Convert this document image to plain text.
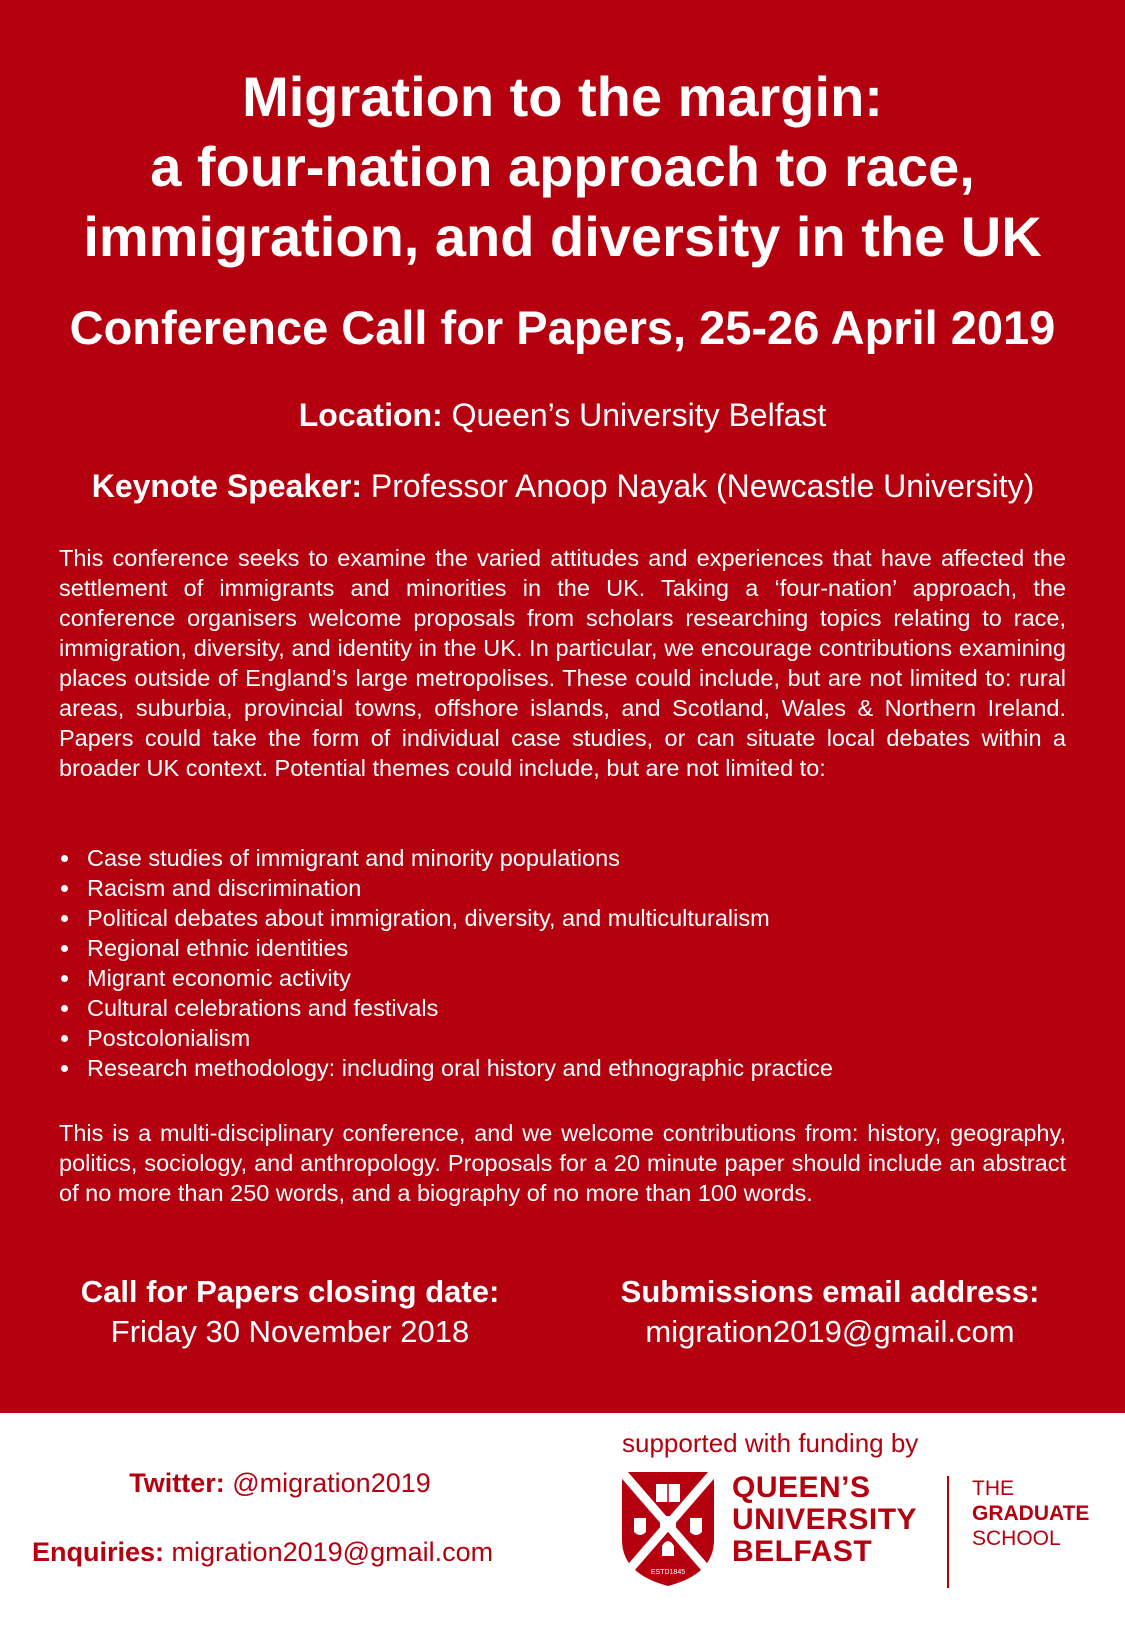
Migration to the margin:
a four-nation approach to race,
immigration, and diversity in the UK
Conference Call for Papers, 25-26 April 2019
Location: Queen’s University Belfast
Keynote Speaker: Professor Anoop Nayak (Newcastle University)

This conference seeks to examine the varied attitudes and experiences that have affected the settlement of immigrants and minorities in the UK. Taking a ‘four-nation’ approach, the conference organisers welcome proposals from scholars researching topics relating to race, immigration, diversity, and identity in the UK. In particular, we encourage contributions examining places outside of England’s large metropolises. These could include, but are not limited to: rural areas, suburbia, provincial towns, offshore islands, and Scotland, Wales & Northern Ireland. Papers could take the form of individual case studies, or can situate local debates within a broader UK context. Potential themes could include, but are not limited to:

Case studies of immigrant and minority populations
Racism and discrimination
Political debates about immigration, diversity, and multiculturalism
Regional ethnic identities
Migrant economic activity
Cultural celebrations and festivals
Postcolonialism
Research methodology: including oral history and ethnographic practice

This is a multi-disciplinary conference, and we welcome contributions from: history, geography, politics, sociology, and anthropology. Proposals for a 20 minute paper should include an abstract of no more than 250 words, and a biography of no more than 100 words.

Call for Papers closing date:
Friday 30 November 2018
Submissions email address:
migration2019@gmail.com
Twitter: @migration2019
Enquiries: migration2019@gmail.com
supported with funding by
ESTD1845
QUEEN’S
UNIVERSITY
BELFAST
THE
GRADUATE
SCHOOL
